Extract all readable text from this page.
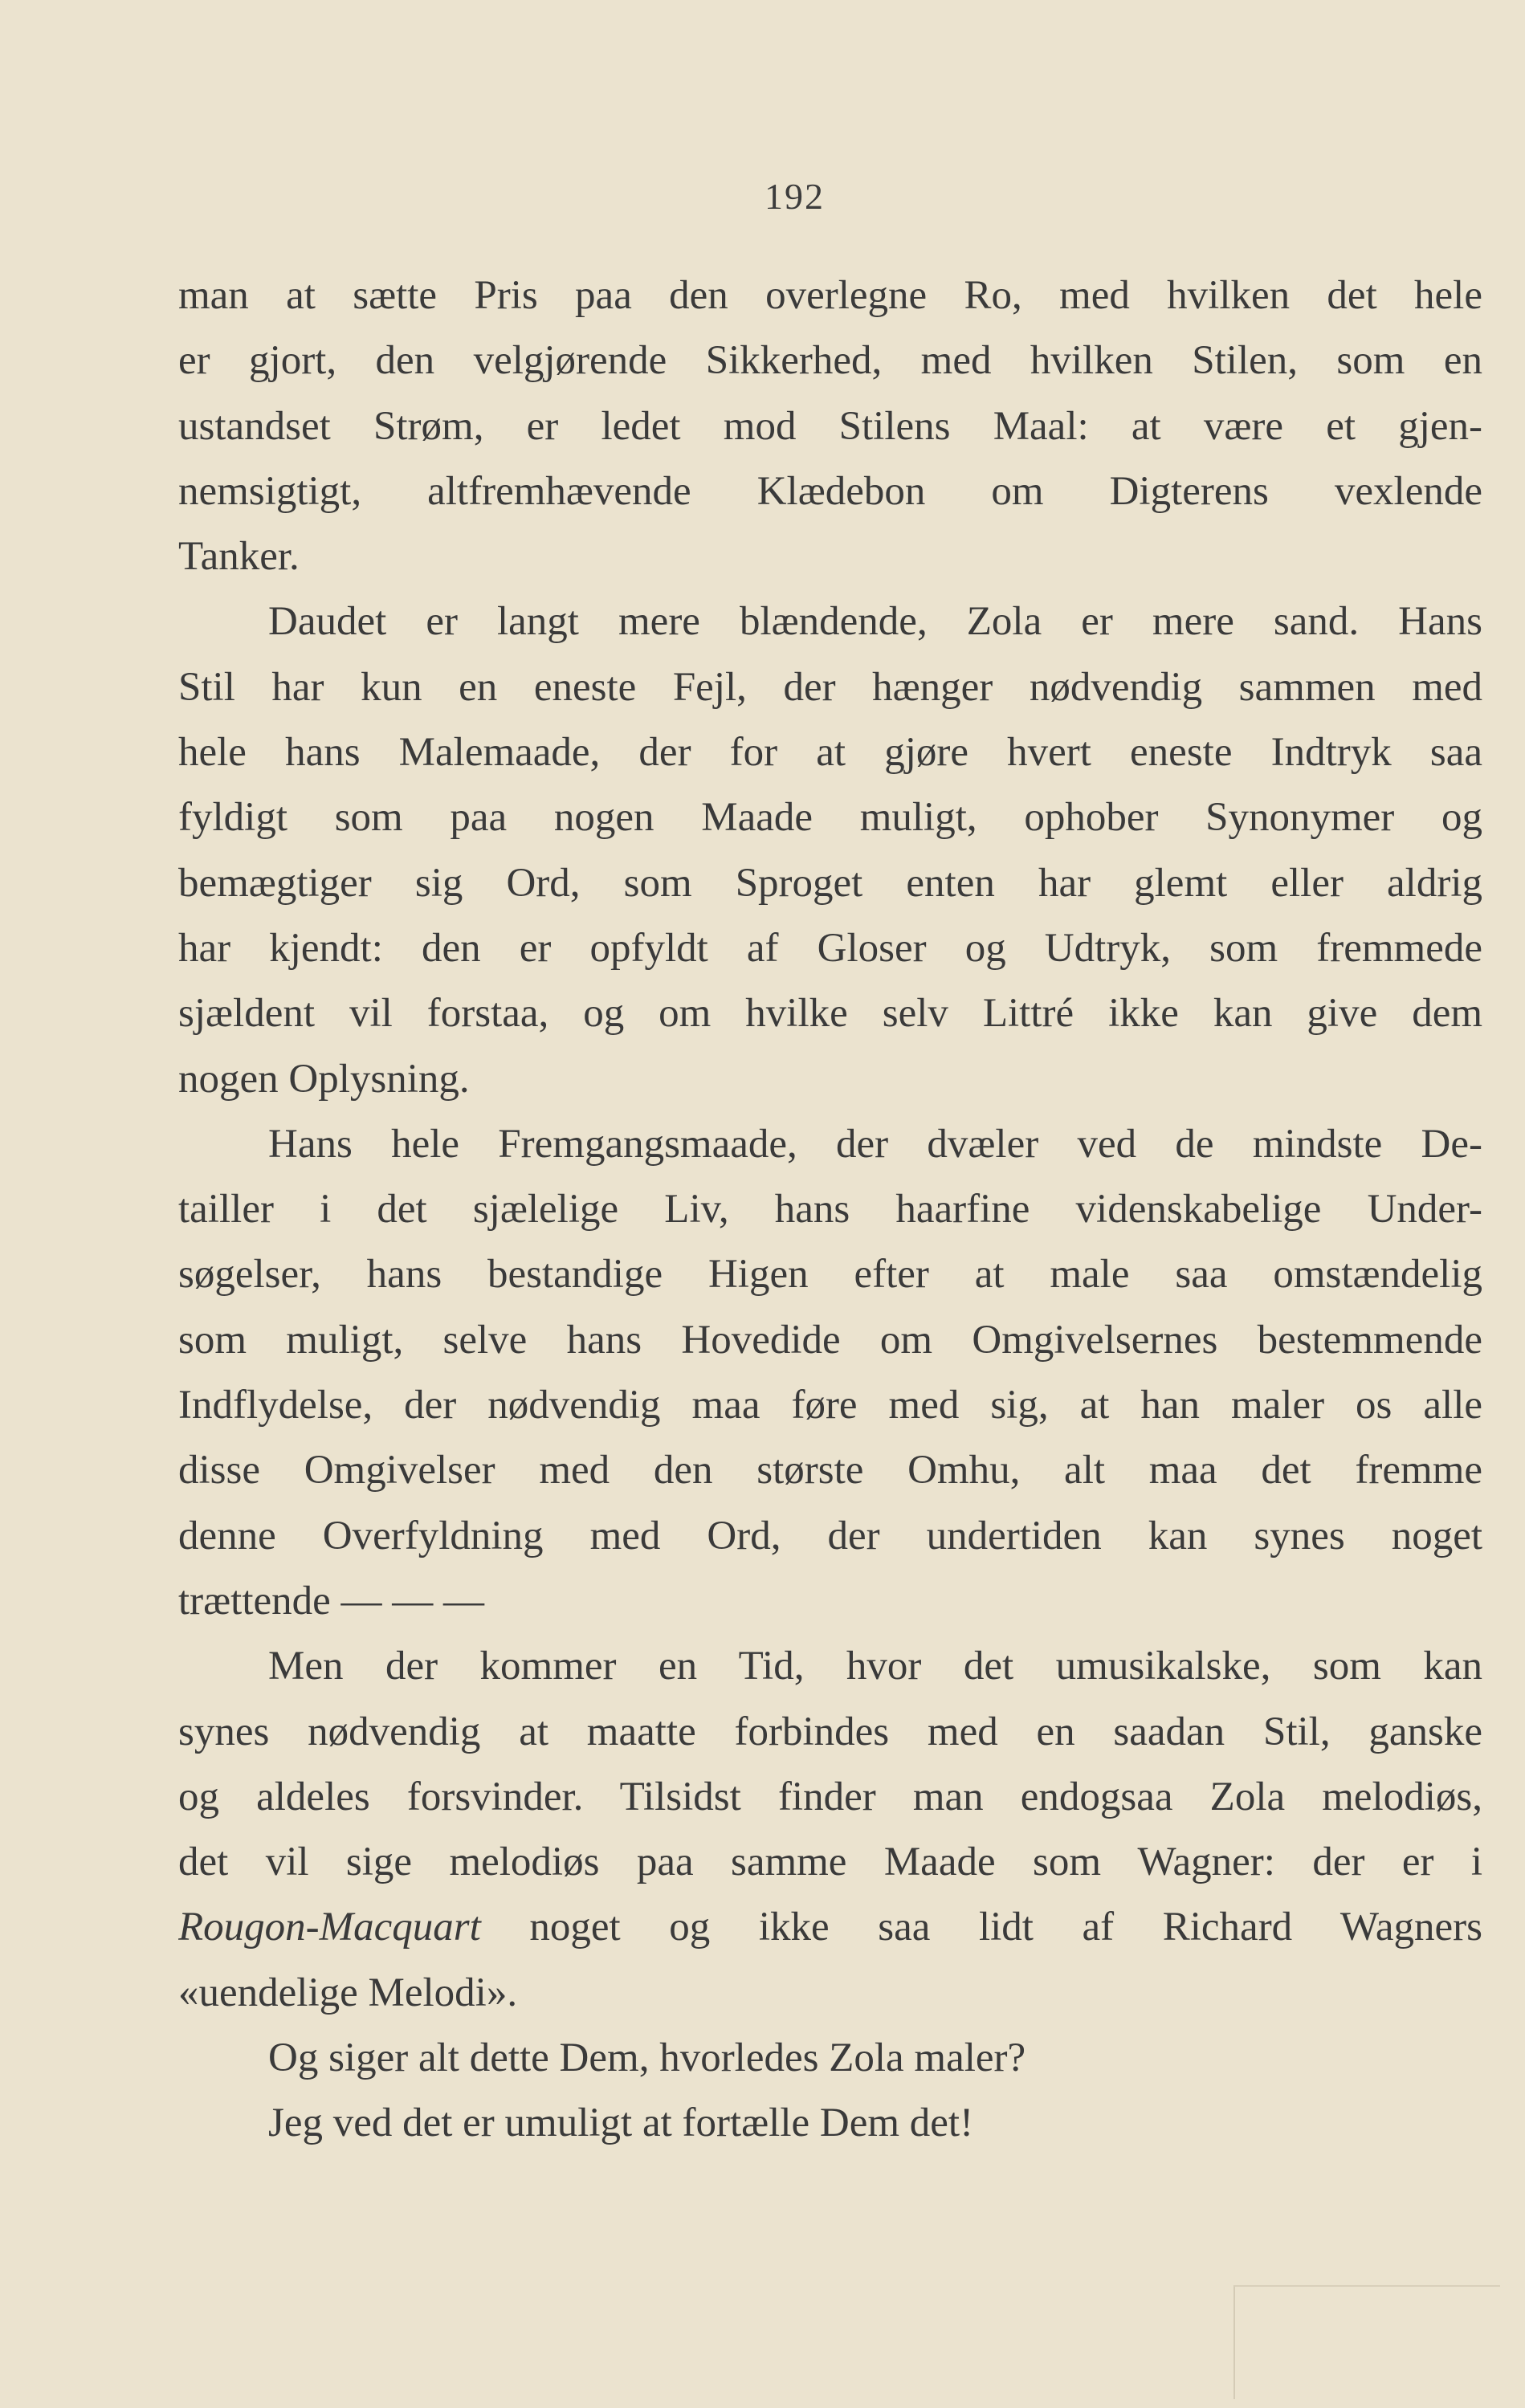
192
man at sætte Pris paa den overlegne Ro, med hvilken det hele
er gjort, den velgjørende Sikkerhed, med hvilken Stilen, som en
ustandset Strøm, er ledet mod Stilens Maal: at være et gjen-
nemsigtigt, altfremhævende Klædebon om Digterens vexlende
Tanker.
Daudet er langt mere blændende, Zola er mere sand. Hans
Stil har kun en eneste Fejl, der hænger nødvendig sammen med
hele hans Malemaade, der for at gjøre hvert eneste Indtryk saa
fyldigt som paa nogen Maade muligt, ophober Synonymer og
bemægtiger sig Ord, som Sproget enten har glemt eller aldrig
har kjendt: den er opfyldt af Gloser og Udtryk, som fremmede
sjældent vil forstaa, og om hvilke selv Littré ikke kan give dem
nogen Oplysning.
Hans hele Fremgangsmaade, der dvæler ved de mindste De-
tailler i det sjælelige Liv, hans haarfine videnskabelige Under-
søgelser, hans bestandige Higen efter at male saa omstændelig
som muligt, selve hans Hovedide om Omgivelsernes bestemmende
Indflydelse, der nødvendig maa føre med sig, at han maler os alle
disse Omgivelser med den største Omhu, alt maa det fremme
denne Overfyldning med Ord, der undertiden kan synes noget
trættende — — —
Men der kommer en Tid, hvor det umusikalske, som kan
synes nødvendig at maatte forbindes med en saadan Stil, ganske
og aldeles forsvinder. Tilsidst finder man endogsaa Zola melodiøs,
det vil sige melodiøs paa samme Maade som Wagner: der er i
Rougon-Macquart noget og ikke saa lidt af Richard Wagners
«uendelige Melodi».
Og siger alt dette Dem, hvorledes Zola maler?
Jeg ved det er umuligt at fortælle Dem det!
